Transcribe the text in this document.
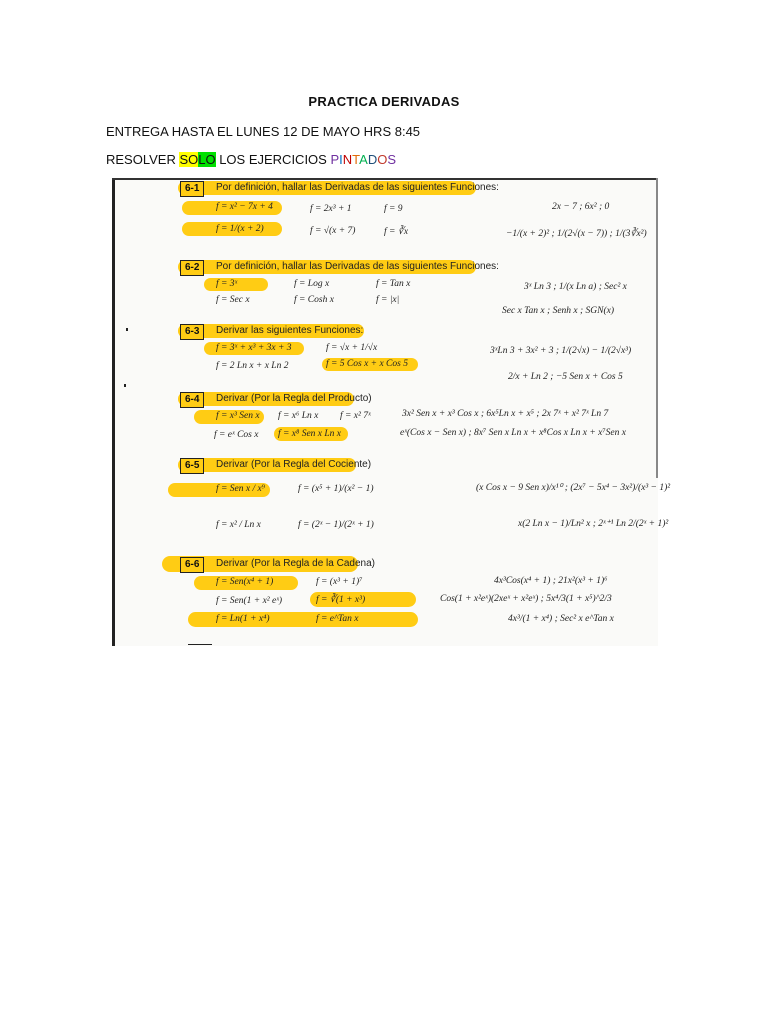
PRACTICA DERIVADAS
ENTREGA HASTA EL LUNES 12 DE MAYO HRS 8:45
RESOLVER SOLO LOS EJERCICIOS PINTADOS
6-1	Por definición, hallar las Derivadas de las siguientes Funciones:
f = x² − 7x + 4	f = 2x³ + 1	f = 9
f = 1/(x + 2)	f = √(x + 7)	f = ∛x
2x − 7 ; 6x² ; 0
−1/(x + 2)² ; 1/(2√(x − 7)) ; 1/(3∛x²)
6-2	Por definición, hallar las Derivadas de las siguientes Funciones:
f = 3ˣ	f = Log x	f = Tan x
f = Sec x	f = Cosh x	f = |x|
3ˣ Ln 3 ; 1/(x Ln a) ; Sec² x
Sec x Tan x ; Senh x ; SGN(x)
6-3	Derivar las siguientes Funciones:
f = 3ˣ + x³ + 3x + 3	f = √x + 1/√x
f = 2 Ln x + x Ln 2	f = 5 Cos x + x Cos 5
3ˣLn 3 + 3x² + 3 ; 1/(2√x) − 1/(2√x³)
2/x + Ln 2 ; −5 Sen x + Cos 5
6-4	Derivar (Por la Regla del Producto)
f = x³ Sen x f = x⁶ Ln x f = x² 7ˣ
f = eˣ Cos x f = x⁸ Sen x Ln x
3x² Sen x + x³ Cos x ; 6x⁵Ln x + x⁵ ; 2x 7ˣ + x² 7ˣ Ln 7
eˣ(Cos x − Sen x) ; 8x⁷ Sen x Ln x + x⁸Cos x Ln x + x⁷Sen x
6-5	Derivar (Por la Regla del Cociente)
f = Sen x / x⁹	f = (x⁵ + 1)/(x² − 1)
f = x² / Ln x	f = (2ˣ − 1)/(2ˣ + 1)
(x Cos x − 9 Sen x)/x¹⁰ ; (2x⁷ − 5x⁴ − 3x²)/(x³ − 1)²
x(2 Ln x − 1)/Ln² x ; 2ˣ⁺¹ Ln 2/(2ˣ + 1)²
6-6	Derivar (Por la Regla de la Cadena)
f = Sen(x⁴ + 1)	f = (x³ + 1)⁷
f = Sen(1 + x² eˣ)	f = ∛(1 + x³)
f = Ln(1 + x⁴)	f = e^Tan x
4x³Cos(x⁴ + 1) ; 21x²(x³ + 1)⁶
Cos(1 + x²eˣ)(2xeˣ + x²eˣ) ; 5x⁴/3(1 + x⁵)^2/3
4x³/(1 + x⁴) ; Sec² x e^Tan x
